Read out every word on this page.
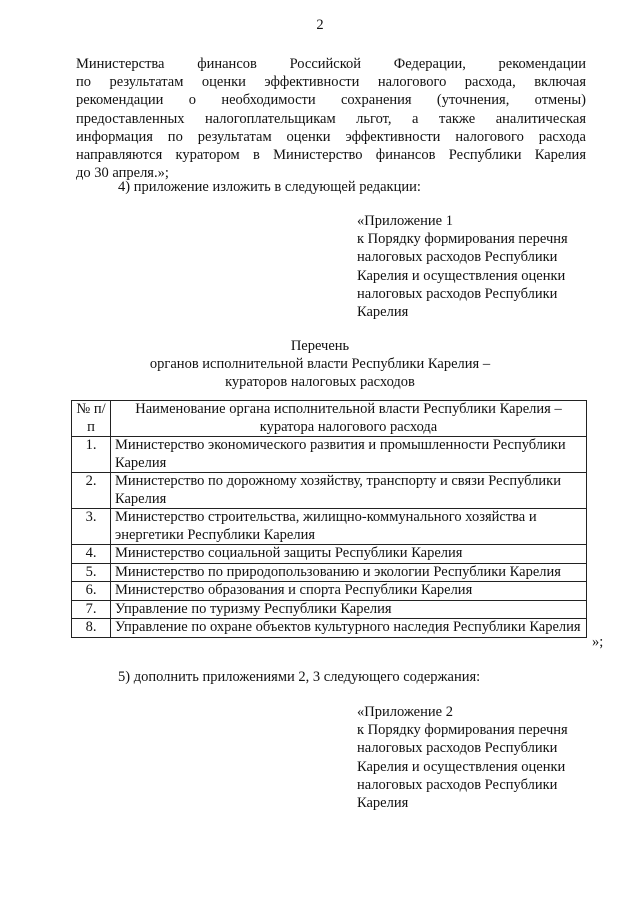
2
Министерства финансов Российской Федерации, рекомендации
по результатам оценки эффективности налогового расхода, включая
рекомендации о необходимости сохранения (уточнения, отмены)
предоставленных налогоплательщикам льгот, а также аналитическая
информация по результатам оценки эффективности налогового расхода
направляются куратором в Министерство финансов Республики Карелия
до 30 апреля.»;
4) приложение изложить в следующей редакции:
«Приложение 1
к Порядку формирования перечня
налоговых расходов Республики
Карелия и осуществления оценки
налоговых расходов Республики
Карелия
Перечень
органов исполнительной власти Республики Карелия –
кураторов налоговых расходов
№ п/п	Наименование органа исполнительной власти Республики Карелия – куратора налогового расхода
1.	Министерство экономического развития и промышленности Республики Карелия
2.	Министерство по дорожному хозяйству, транспорту и связи Республики Карелия
3.	Министерство строительства, жилищно-коммунального хозяйства и энергетики Республики Карелия
4.	Министерство социальной защиты Республики Карелия
5.	Министерство по природопользованию и экологии Республики Карелия
6.	Министерство образования и спорта Республики Карелия
7.	Управление по туризму Республики Карелия
8.	Управление по охране объектов культурного наследия Республики Карелия
»;
5) дополнить приложениями 2, 3 следующего содержания:
«Приложение 2
к Порядку формирования перечня
налоговых расходов Республики
Карелия и осуществления оценки
налоговых расходов Республики
Карелия
